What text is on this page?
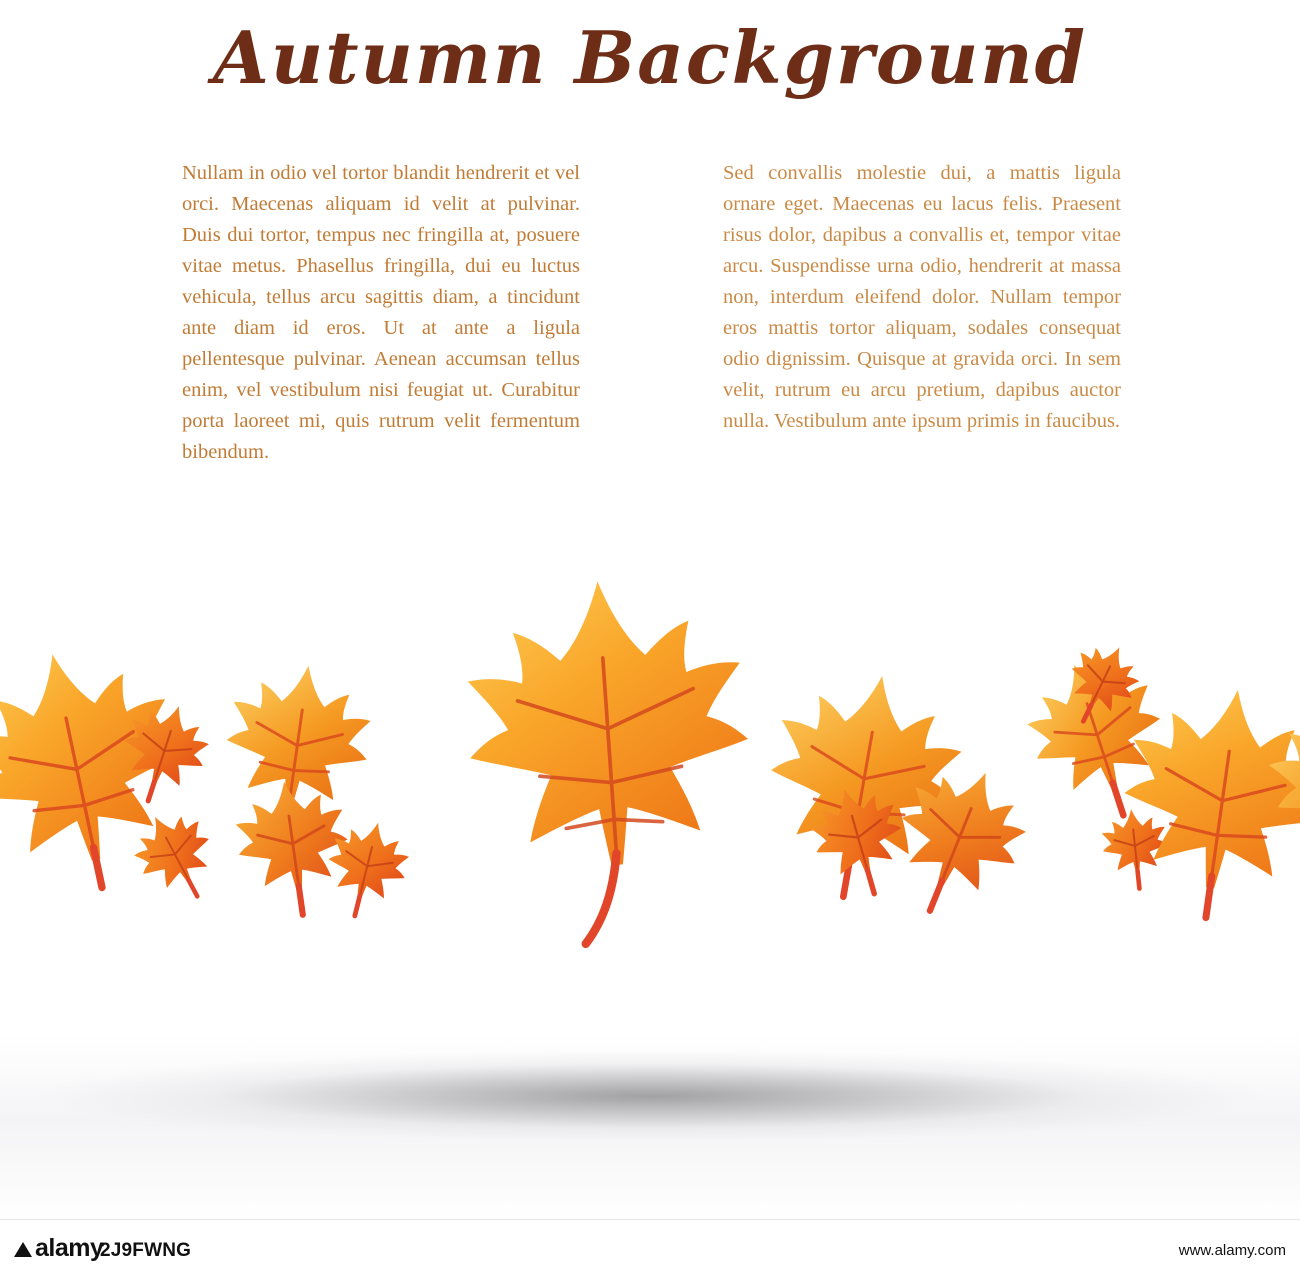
Autumn Background

Nullam in odio vel tortor blandit hendrerit et vel orci. Maecenas aliquam id velit at pulvinar. Duis dui tortor, tempus nec fringilla at, posuere vitae metus. Phasellus fringilla, dui eu luctus vehicula, tellus arcu sagittis diam, a tincidunt ante diam id eros. Ut at ante a ligula pellentesque pulvinar. Aenean accumsan tellus enim, vel vestibulum nisi feugiat ut. Curabitur porta laoreet mi, quis rutrum velit fermentum bibendum.

Sed convallis molestie dui, a mattis ligula ornare eget. Maecenas eu lacus felis. Praesent risus dolor, dapibus a convallis et, tempor vitae arcu. Suspendisse urna odio, hendrerit at massa non, interdum eleifend dolor. Nullam tempor eros mattis tortor aliquam, sodales consequat odio dignissim. Quisque at gravida orci. In sem velit, rutrum eu arcu pretium, dapibus auctor nulla. Vestibulum ante ipsum primis in faucibus.

alamy
2J9FWNG	www.alamy.com
